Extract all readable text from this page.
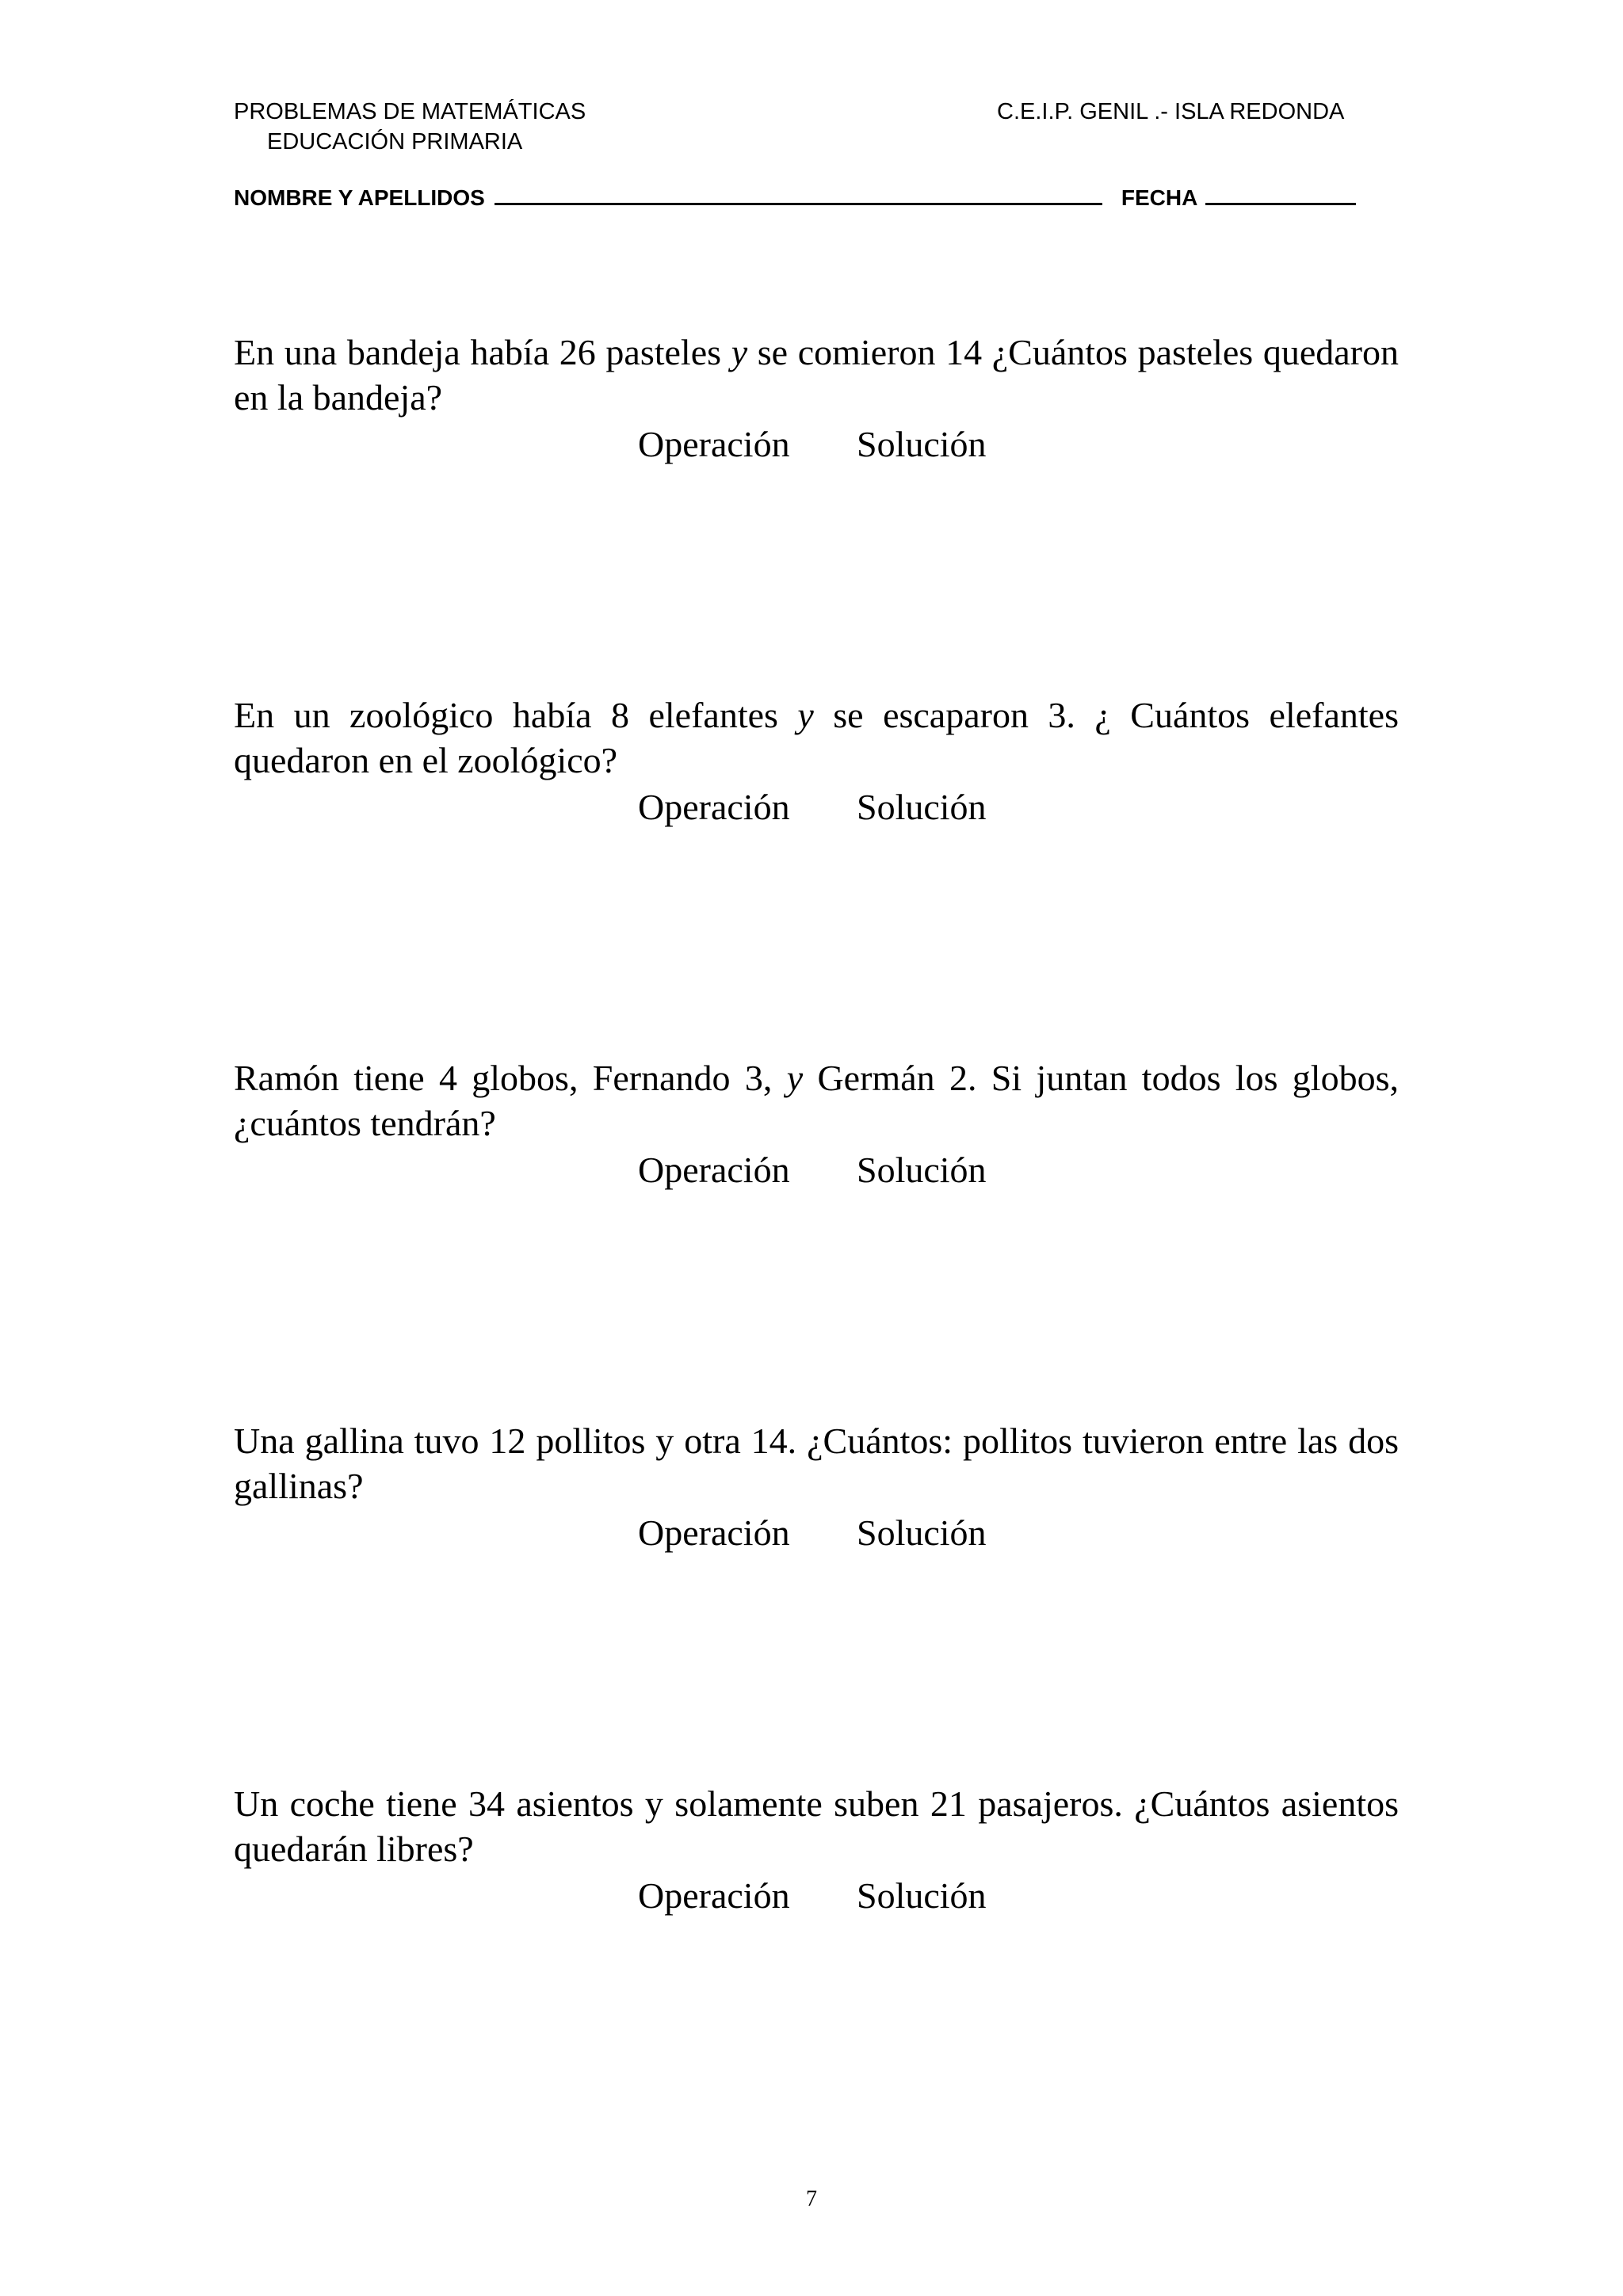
PROBLEMAS DE MATEMÁTICAS
EDUCACIÓN PRIMARIA
C.E.I.P. GENIL .- ISLA REDONDA
NOMBRE Y APELLIDOS	FECHA
En una bandeja había 26 pasteles y se comieron 14 ¿Cuántos pasteles quedaron en la bandeja?
Operación Solución
En un zoológico había 8 elefantes y se escaparon 3. ¿ Cuántos elefantes quedaron en el zoológico?
Operación Solución
Ramón tiene 4 globos, Fernando 3, y Germán 2. Si juntan todos los globos, ¿cuántos tendrán?
Operación Solución
Una gallina tuvo 12 pollitos y otra 14. ¿Cuántos: pollitos tuvieron entre las dos gallinas?
Operación Solución
Un coche tiene 34 asientos y solamente suben 21 pasajeros. ¿Cuántos asientos quedarán libres?
Operación Solución
7
